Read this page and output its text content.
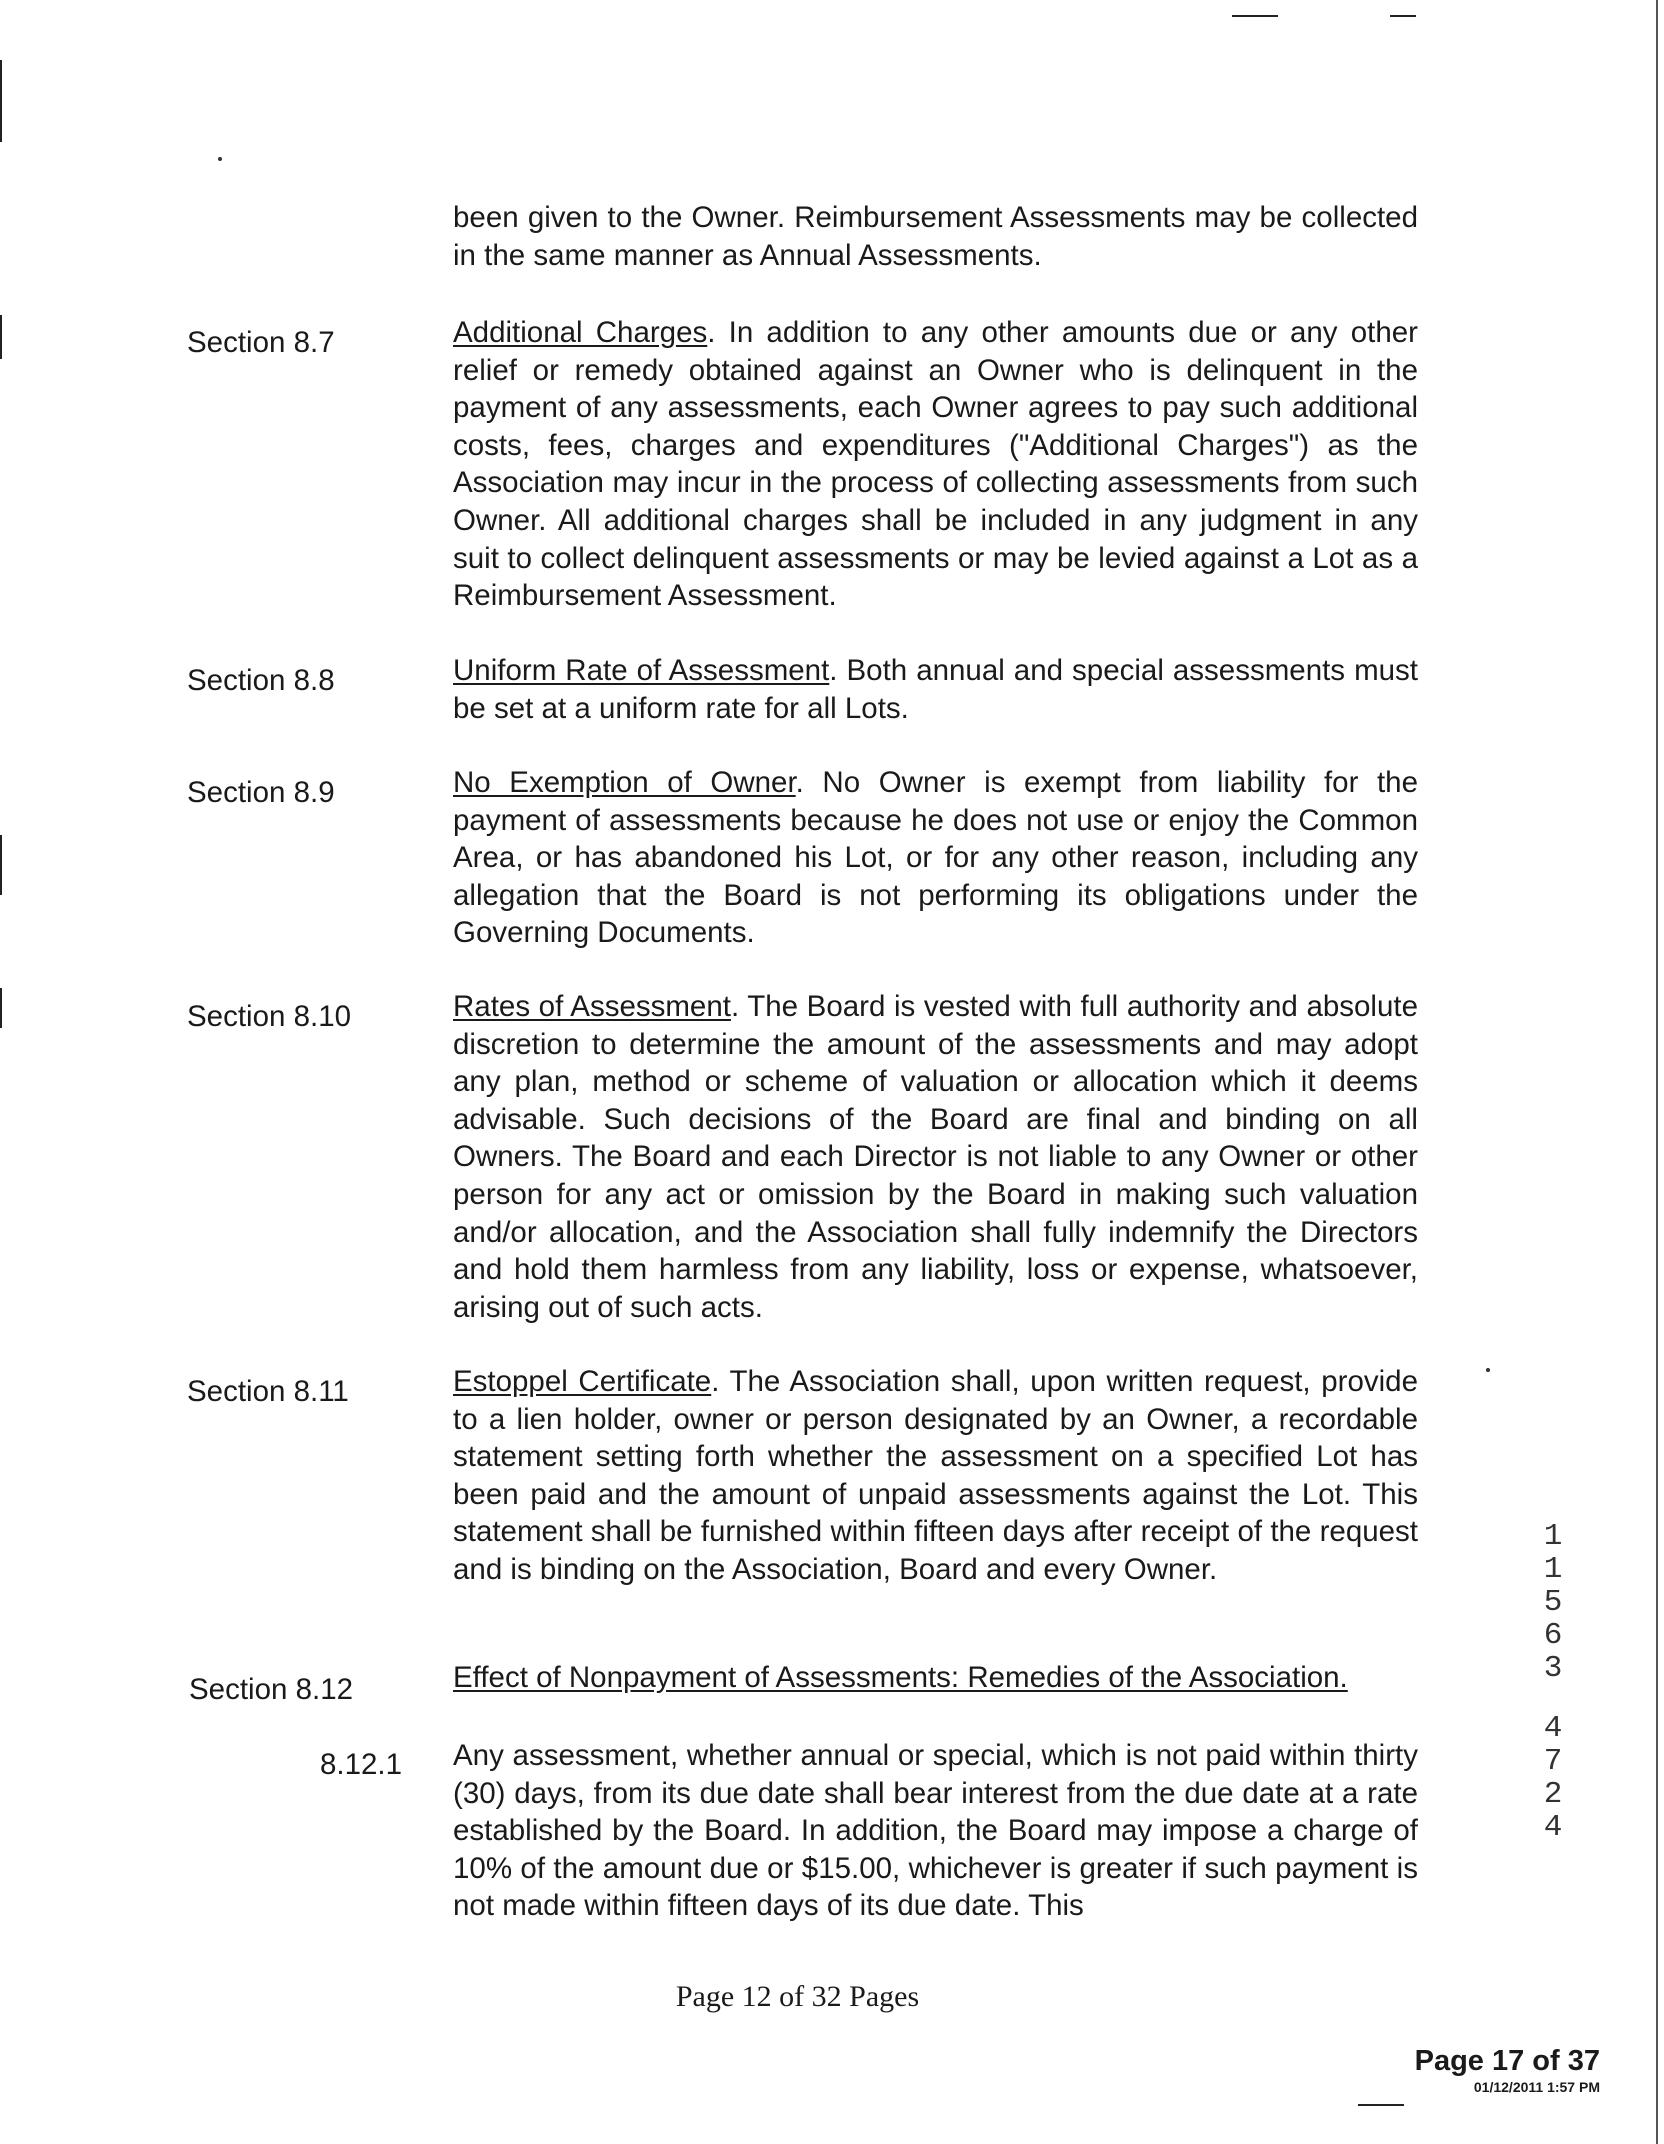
been given to the Owner. Reimbursement Assessments may be collected in the same manner as Annual Assessments.
Section 8.7	Additional Charges. In addition to any other amounts due or any other relief or remedy obtained against an Owner who is delinquent in the payment of any assessments, each Owner agrees to pay such additional costs, fees, charges and expenditures ("Additional Charges") as the Association may incur in the process of collecting assessments from such Owner. All additional charges shall be included in any judgment in any suit to collect delinquent assessments or may be levied against a Lot as a Reimbursement Assessment.
Section 8.8	Uniform Rate of Assessment. Both annual and special assessments must be set at a uniform rate for all Lots.
Section 8.9	No Exemption of Owner. No Owner is exempt from liability for the payment of assessments because he does not use or enjoy the Common Area, or has abandoned his Lot, or for any other reason, including any allegation that the Board is not performing its obligations under the Governing Documents.
Section 8.10	Rates of Assessment. The Board is vested with full authority and absolute discretion to determine the amount of the assessments and may adopt any plan, method or scheme of valuation or allocation which it deems advisable. Such decisions of the Board are final and binding on all Owners. The Board and each Director is not liable to any Owner or other person for any act or omission by the Board in making such valuation and/or allocation, and the Association shall fully indemnify the Directors and hold them harmless from any liability, loss or expense, whatsoever, arising out of such acts.
Section 8.11	Estoppel Certificate. The Association shall, upon written request, provide to a lien holder, owner or person designated by an Owner, a recordable statement setting forth whether the assessment on a specified Lot has been paid and the amount of unpaid assessments against the Lot. This statement shall be furnished within fifteen days after receipt of the request and is binding on the Association, Board and every Owner.
Section 8.12	Effect of Nonpayment of Assessments: Remedies of the Association.
8.12.1 Any assessment, whether annual or special, which is not paid within thirty (30) days, from its due date shall bear interest from the due date at a rate established by the Board. In addition, the Board may impose a charge of 10% of the amount due or $15.00, whichever is greater if such payment is not made within fifteen days of its due date. This
Page 12 of 32 Pages
Page 17 of 37
01/12/2011 1:57 PM
1
1
5
6
3
4
7
2
4
